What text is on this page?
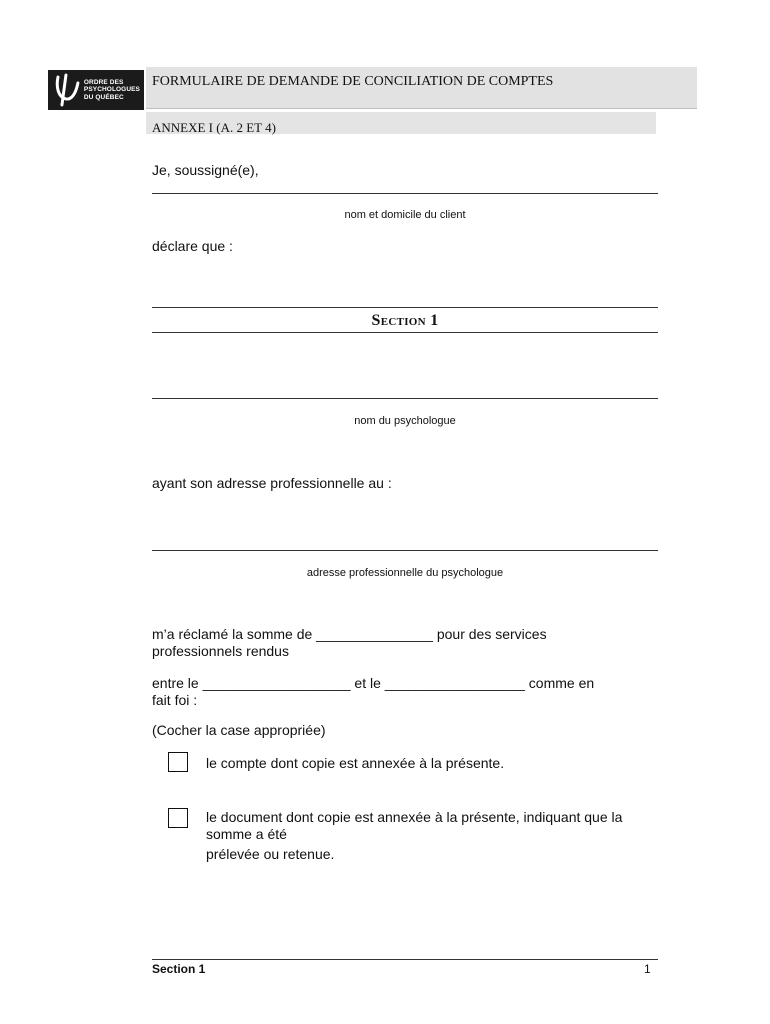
ORDRE DES
PSYCHOLOGUES
DU QUÉBEC
FORMULAIRE DE DEMANDE DE CONCILIATION DE COMPTES
ANNEXE I (A. 2 ET 4)
Je, soussigné(e),
nom et domicile du client
déclare que :
Section 1
nom du psychologue
ayant son adresse professionnelle au :
adresse professionnelle du psychologue
m’a réclamé la somme de _______________ pour des services
professionnels rendus
entre le ___________________ et le __________________ comme en
fait foi :
(Cocher la case appropriée)
le compte dont copie est annexée à la présente.
le document dont copie est annexée à la présente, indiquant que la
somme a été
prélevée ou retenue.
Section 1	1
